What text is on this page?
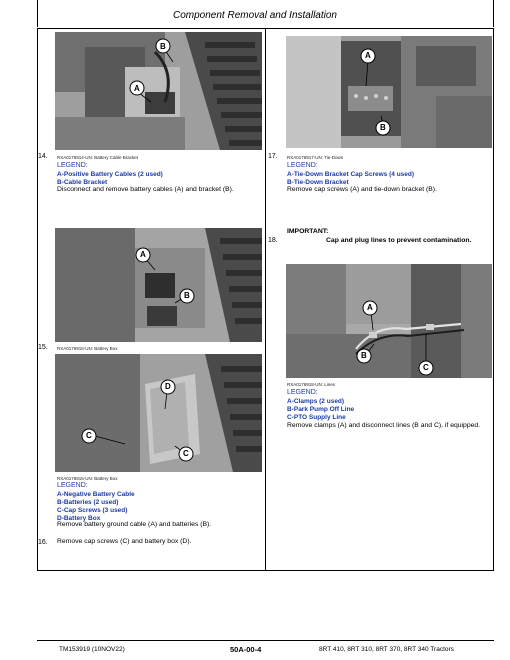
Component Removal and Installation
A
B
14. RXA0176914-UN: Battery Cable Bracket
LEGEND:
A-Positive Battery Cables (2 used)
B-Cable Bracket
Disconnect and remove battery cables (A) and bracket (B).
A
B
15. RXA0176915-UN: Battery Box
D
C
C
RXA0176915-UN: Battery Box
LEGEND:
A-Negative Battery Cable
B-Batteries (2 used)
C-Cap Screws (3 used)
D-Battery Box
Remove battery ground cable (A) and batteries (B).
16. Remove cap screws (C) and battery box (D).
A
B
17. RXA0176917-UN: Tie-Down
LEGEND:
A-Tie-Down Bracket Cap Screws (4 used)
B-Tie-Down Bracket
Remove cap screws (A) and tie-down bracket (B).
IMPORTANT:
18.	Cap and plug lines to prevent contamination.
A
B
C
RXA0176918-UN: Lines
LEGEND:
A-Clamps (2 used)
B-Park Pump Off Line
C-PTO Supply Line
Remove clamps (A) and disconnect lines (B and C), if equipped.
TM153919 (10NOV22)	50A-00-4	8RT 410, 8RT 310, 8RT 370, 8RT 340 Tractors
